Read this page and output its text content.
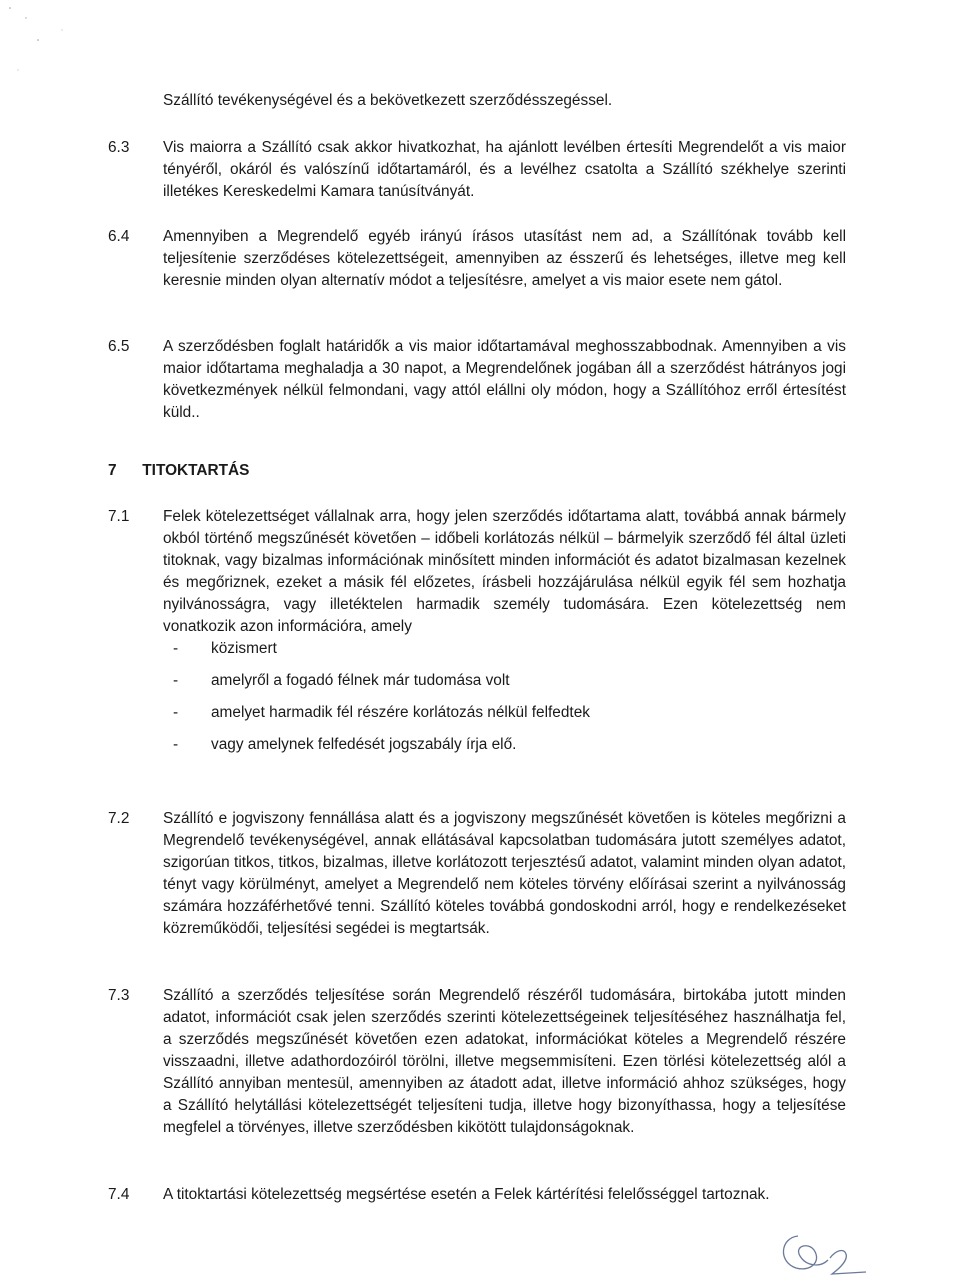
Szállító tevékenységével és a bekövetkezett szerződésszegéssel.
6.3 Vis maiorra a Szállító csak akkor hivatkozhat, ha ajánlott levélben értesíti Megrendelőt a vis maior tényéről, okáról és valószínű időtartamáról, és a levélhez csatolta a Szállító székhelye szerinti illetékes Kereskedelmi Kamara tanúsítványát.
6.4 Amennyiben a Megrendelő egyéb irányú írásos utasítást nem ad, a Szállítónak tovább kell teljesítenie szerződéses kötelezettségeit, amennyiben az ésszerű és lehetséges, illetve meg kell keresnie minden olyan alternatív módot a teljesítésre, amelyet a vis maior esete nem gátol.
6.5 A szerződésben foglalt határidők a vis maior időtartamával meghosszabbodnak. Amennyiben a vis maior időtartama meghaladja a 30 napot, a Megrendelőnek jogában áll a szerződést hátrányos jogi következmények nélkül felmondani, vagy attól elállni oly módon, hogy a Szállítóhoz erről értesítést küld..
7 TITOKTARTÁS
7.1 Felek kötelezettséget vállalnak arra, hogy jelen szerződés időtartama alatt, továbbá annak bármely okból történő megszűnését követően – időbeli korlátozás nélkül – bármelyik szerződő fél által üzleti titoknak, vagy bizalmas információnak minősített minden információt és adatot bizalmasan kezelnek és megőriznek, ezeket a másik fél előzetes, írásbeli hozzájárulása nélkül egyik fél sem hozhatja nyilvánosságra, vagy illetéktelen harmadik személy tudomására. Ezen kötelezettség nem vonatkozik azon információra, amely
- közismert
- amelyről a fogadó félnek már tudomása volt
- amelyet harmadik fél részére korlátozás nélkül felfedtek
- vagy amelynek felfedését jogszabály írja elő.
7.2 Szállító e jogviszony fennállása alatt és a jogviszony megszűnését követően is köteles megőrizni a Megrendelő tevékenységével, annak ellátásával kapcsolatban tudomására jutott személyes adatot, szigorúan titkos, titkos, bizalmas, illetve korlátozott terjesztésű adatot, valamint minden olyan adatot, tényt vagy körülményt, amelyet a Megrendelő nem köteles törvény előírásai szerint a nyilvánosság számára hozzáférhetővé tenni. Szállító köteles továbbá gondoskodni arról, hogy e rendelkezéseket közreműködői, teljesítési segédei is megtartsák.
7.3 Szállító a szerződés teljesítése során Megrendelő részéről tudomására, birtokába jutott minden adatot, információt csak jelen szerződés szerinti kötelezettségeinek teljesítéséhez használhatja fel, a szerződés megszűnését követően ezen adatokat, információkat köteles a Megrendelő részére visszaadni, illetve adathordozóiról törölni, illetve megsemmisíteni. Ezen törlési kötelezettség alól a Szállító annyiban mentesül, amennyiben az átadott adat, illetve információ ahhoz szükséges, hogy a Szállító helytállási kötelezettségét teljesíteni tudja, illetve hogy bizonyíthassa, hogy a teljesítése megfelel a törvényes, illetve szerződésben kikötött tulajdonságoknak.
7.4 A titoktartási kötelezettség megsértése esetén a Felek kártérítési felelősséggel tartoznak.
